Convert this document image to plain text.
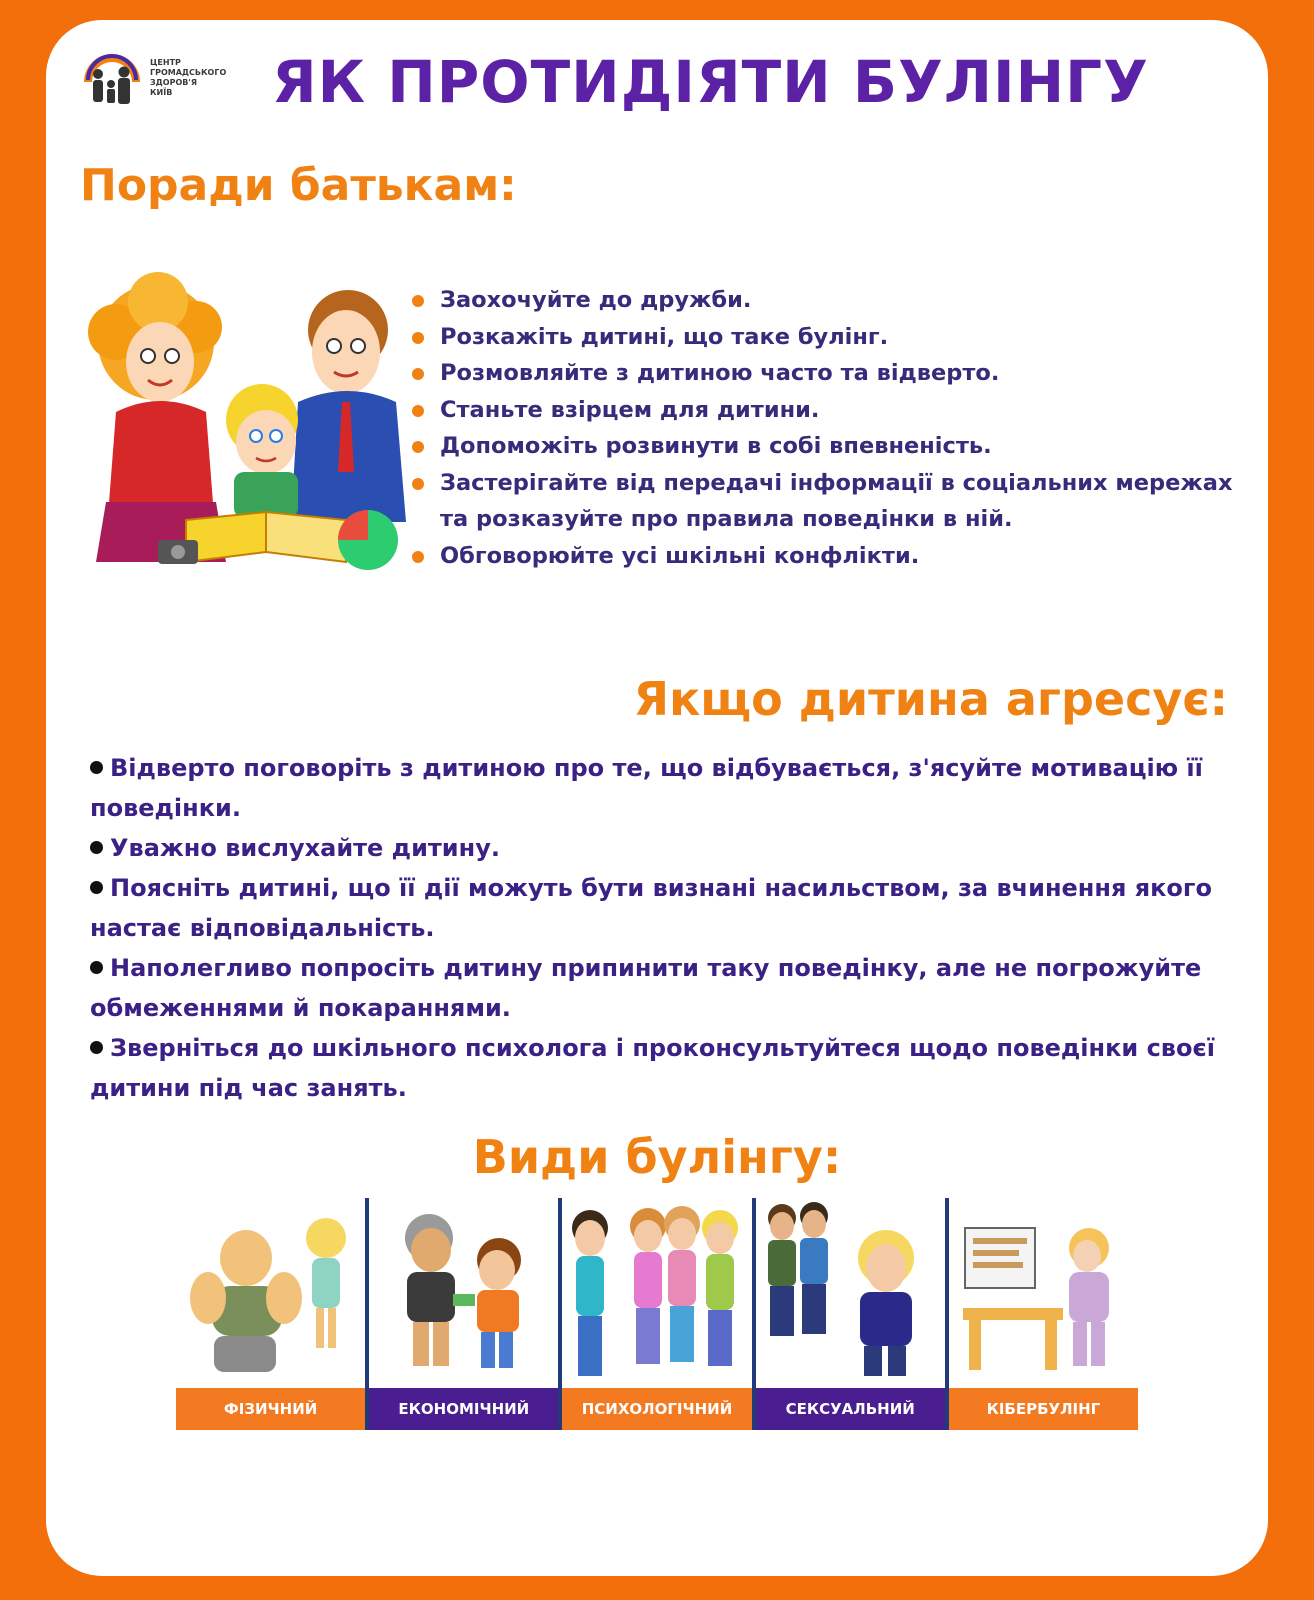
ЦЕНТР
ГРОМАДСЬКОГО
ЗДОРОВ'Я
КИЇВ	ЯК ПРОТИДІЯТИ БУЛІНГУ
Поради батькам:
Заохочуйте до дружби.
Розкажіть дитині, що таке булінг.
Розмовляйте з дитиною часто та відверто.
Станьте взірцем для дитини.
Допоможіть розвинути в собі впевненість.
Застерігайте від передачі інформації в соціальних мережах та розказуйте про правила поведінки в ній.
Обговорюйте усі шкільні конфлікти.
Якщо дитина агресує:
Відверто поговоріть з дитиною про те, що відбувається, з'ясуйте мотивацію її поведінки.
Уважно вислухайте дитину.
Поясніть дитині, що її дії можуть бути визнані насильством, за вчинення якого настає відповідальність.
Наполегливо попросіть дитину припинити таку поведінку, але не погрожуйте обмеженнями й покараннями.
Зверніться до шкільного психолога і проконсультуйтеся щодо поведінки своєї дитини під час занять.
Види булінгу:
ФІЗИЧНИЙ	ЕКОНОМІЧНИЙ	ПСИХОЛОГІЧНИЙ	СЕКСУАЛЬНИЙ	КІБЕРБУЛІНГ
